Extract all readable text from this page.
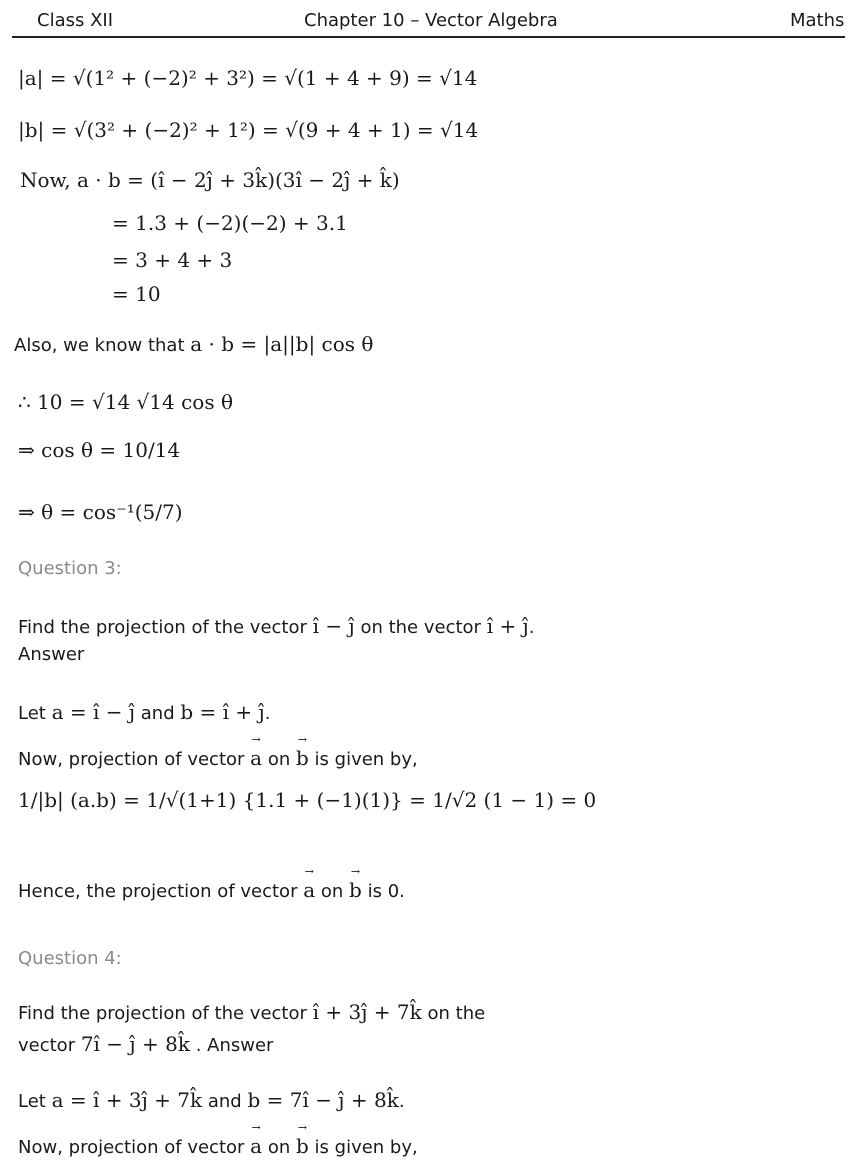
Class XII	Chapter 10 – Vector Algebra	Maths
|a| = √(1² + (−2)² + 3²) = √(1 + 4 + 9) = √14
|b| = √(3² + (−2)² + 1²) = √(9 + 4 + 1) = √14
Now, a · b = (î − 2ĵ + 3k̂)(3î − 2ĵ + k̂)
= 1.3 + (−2)(−2) + 3.1
= 3 + 4 + 3
= 10
Also, we know that a · b = |a||b| cos θ
∴ 10 = √14 √14 cos θ
⇒ cos θ = 10/14
⇒ θ = cos⁻¹(5/7)
Question 3:
Find the projection of the vector î − ĵ on the vector î + ĵ.
Answer
Let a = î − ĵ and b = î + ĵ.
Now, projection of vector → a on → b is given by,
1/|b| (a.b) = 1/√(1+1) {1.1 + (−1)(1)} = 1/√2 (1 − 1) = 0
Hence, the projection of vector → a on → b is 0.
Question 4:
Find the projection of the vector î + 3ĵ + 7k̂ on the
vector 7î − ĵ + 8k̂ . Answer
Let a = î + 3ĵ + 7k̂ and b = 7î − ĵ + 8k̂.
Now, projection of vector → a on → b is given by,
